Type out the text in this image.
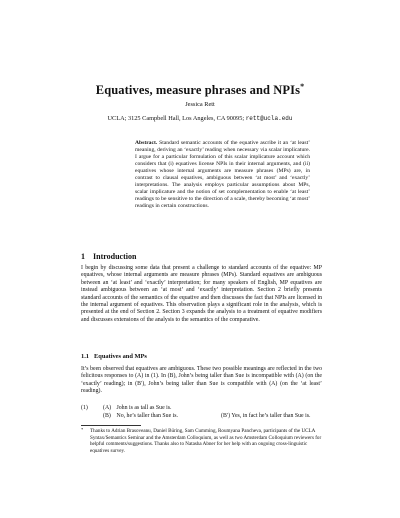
Equatives, measure phrases and NPIs*
Jessica Rett
UCLA; 3125 Campbell Hall, Los Angeles, CA 90095; rett@ucla.edu
Abstract. Standard semantic accounts of the equative ascribe it an ‘at least’ meaning, deriving an ‘exactly’ reading when necessary via scalar implicature. I argue for a particular formulation of this scalar implicature account which considers that (i) equatives license NPIs in their internal arguments, and (ii) equatives whose internal arguments are measure phrases (MPs) are, in contrast to clausal equatives, ambiguous between ‘at most’ and ‘exactly’ interpretations. The analysis employs particular assumptions about MPs, scalar implicature and the notion of set complementation to enable ‘at least’ readings to be sensitive to the direction of a scale, thereby becoming ‘at most’ readings in certain constructions.
1 Introduction
I begin by discussing some data that present a challenge to standard accounts of the equative: MP equatives, whose internal arguments are measure phrases (MPs). Standard equatives are ambiguous between an ‘at least’ and ‘exactly’ interpretation; for many speakers of English, MP equatives are instead ambiguous between an ‘at most’ and ‘exactly’ interpretation. Section 2 briefly presents standard accounts of the semantics of the equative and then discusses the fact that NPIs are licensed in the internal argument of equatives. This observation plays a significant role in the analysis, which is presented at the end of Section 2. Section 3 expands the analysis to a treatment of equative modifiers and discusses extensions of the analysis to the semantics of the comparative.
1.1 Equatives and MPs
It’s been observed that equatives are ambiguous. These two possible meanings are reflected in the two felicitous responses to (A) in (1). In (B), John’s being taller than Sue is incompatible with (A) (on the ‘exactly’ reading); in (B′), John’s being taller than Sue is compatible with (A) (on the ‘at least’ reading).
(1)	(A) John is as tall as Sue is.
(B) No, he’s taller than Sue is.	(B′) Yes, in fact he’s taller than Sue is.
* Thanks to Adrian Brasoveanu, Daniel Büring, Sam Cumming, Roumyana Pancheva, participants of the UCLA Syntax/Semantics Seminar and the Amsterdam Colloquium, as well as two Amsterdam Colloquium reviewers for helpful comments/suggestions. Thanks also to Natasha Abner for her help with an ongoing cross-linguistic equatives survey.
